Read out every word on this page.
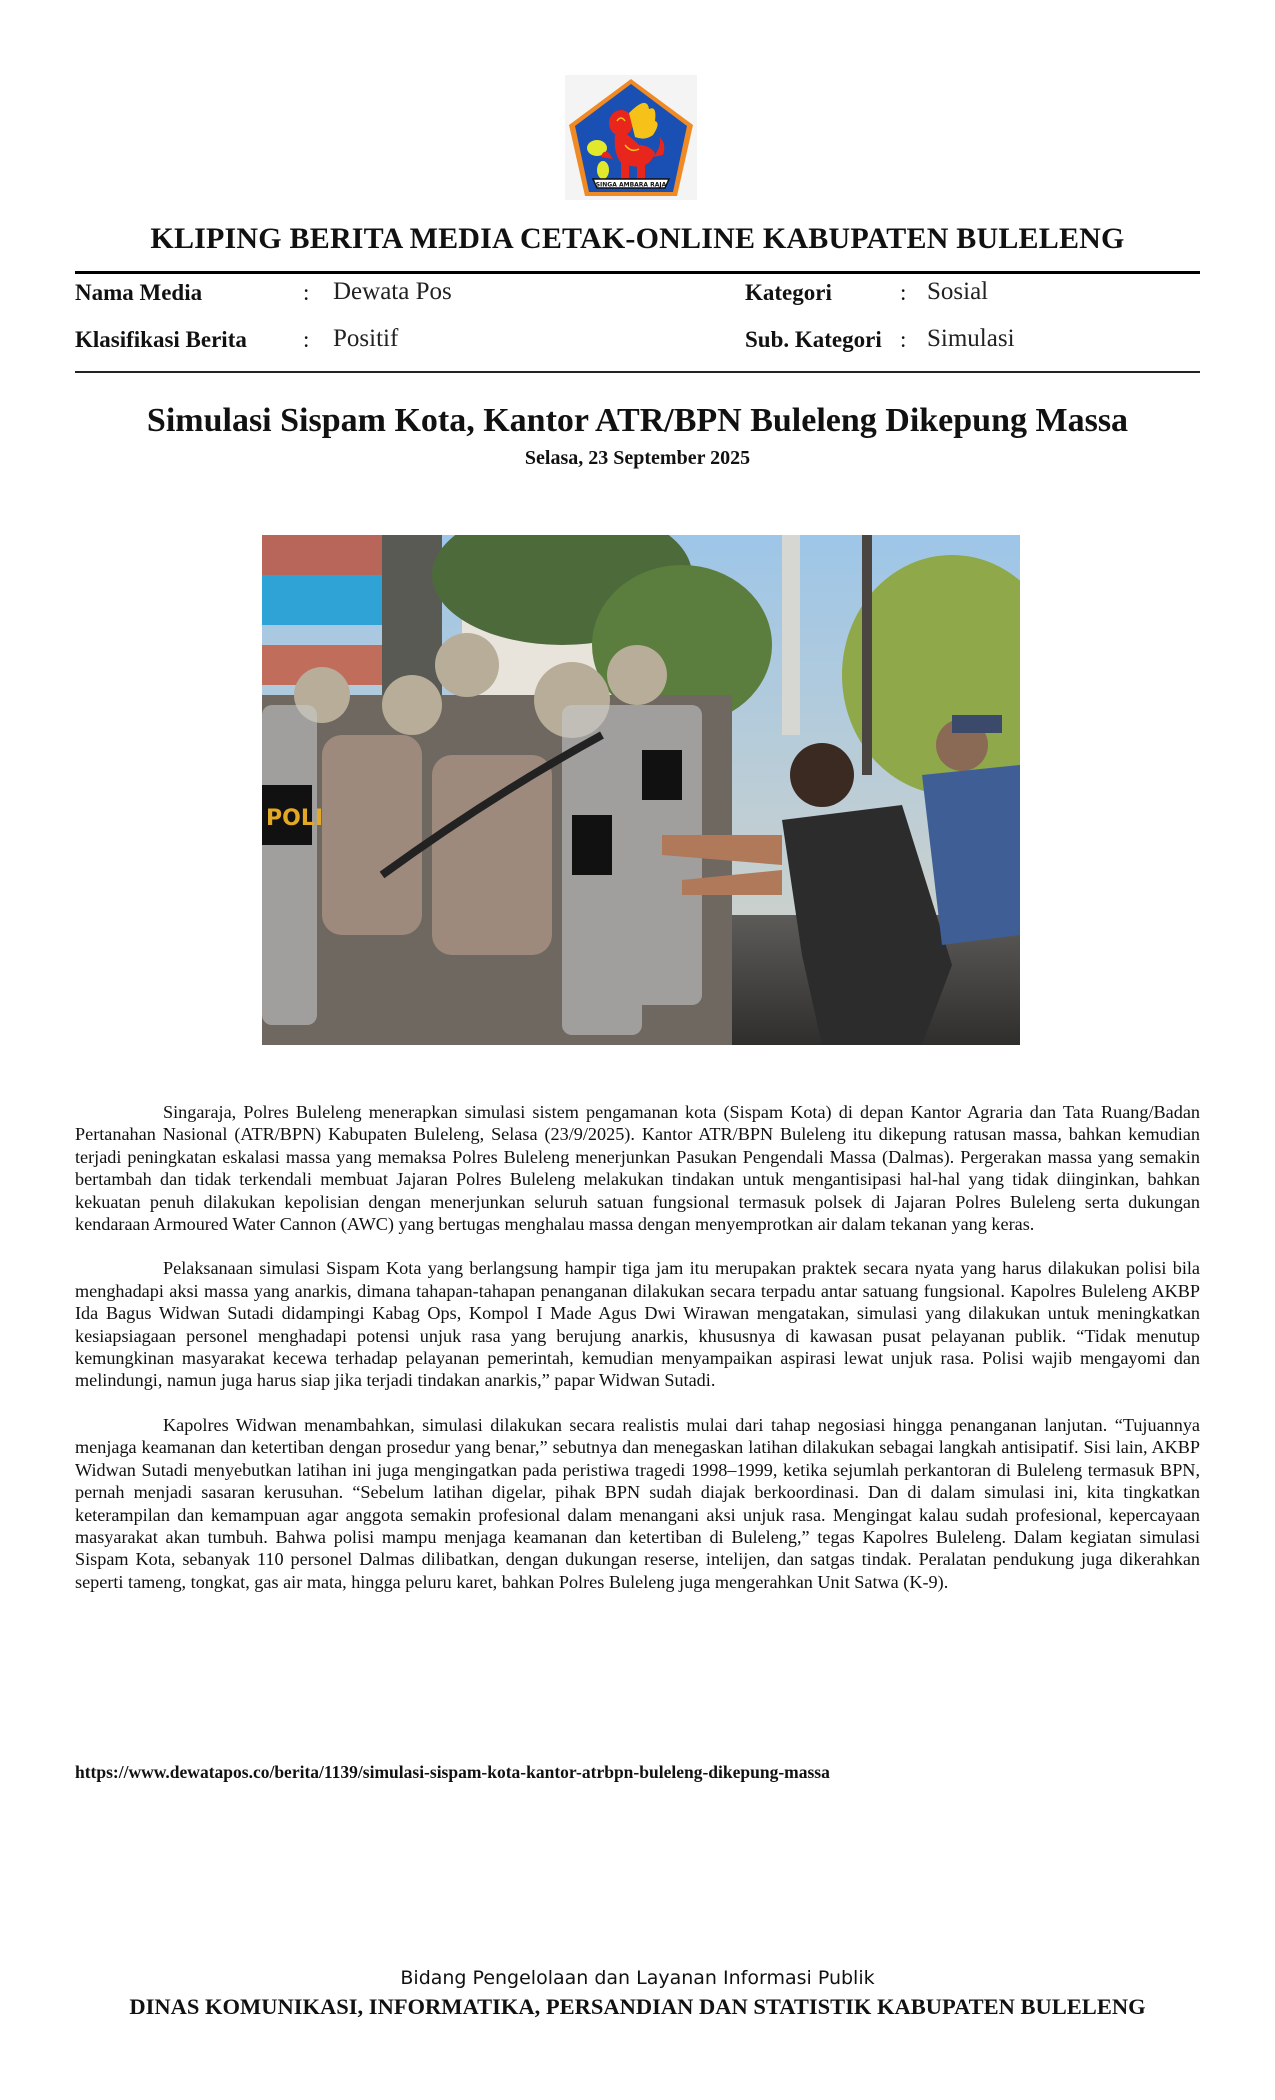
SINGA AMBARA RAJA
KLIPING BERITA MEDIA CETAK-ONLINE KABUPATEN BULELENG
Nama Media	: Dewata Pos
Klasifikasi Berita : Positif
Kategori	: Sosial
Sub. Kategori : Simulasi
Simulasi Sispam Kota, Kantor ATR/BPN Buleleng Dikepung Massa
Selasa, 23 September 2025
POLI

Singaraja, Polres Buleleng menerapkan simulasi sistem pengamanan kota (Sispam Kota) di depan Kantor Agraria dan Tata Ruang/Badan Pertanahan Nasional (ATR/BPN) Kabupaten Buleleng, Selasa (23/9/2025). Kantor ATR/BPN Buleleng itu dikepung ratusan massa, bahkan kemudian terjadi peningkatan eskalasi massa yang memaksa Polres Buleleng menerjunkan Pasukan Pengendali Massa (Dalmas). Pergerakan massa yang semakin bertambah dan tidak terkendali membuat Jajaran Polres Buleleng melakukan tindakan untuk mengantisipasi hal-hal yang tidak diinginkan, bahkan kekuatan penuh dilakukan kepolisian dengan menerjunkan seluruh satuan fungsional termasuk polsek di Jajaran Polres Buleleng serta dukungan kendaraan Armoured Water Cannon (AWC) yang bertugas menghalau massa dengan menyemprotkan air dalam tekanan yang keras.

Pelaksanaan simulasi Sispam Kota yang berlangsung hampir tiga jam itu merupakan praktek secara nyata yang harus dilakukan polisi bila menghadapi aksi massa yang anarkis, dimana tahapan-tahapan penanganan dilakukan secara terpadu antar satuang fungsional. Kapolres Buleleng AKBP Ida Bagus Widwan Sutadi didampingi Kabag Ops, Kompol I Made Agus Dwi Wirawan mengatakan, simulasi yang dilakukan untuk meningkatkan kesiapsiagaan personel menghadapi potensi unjuk rasa yang berujung anarkis, khususnya di kawasan pusat pelayanan publik. “Tidak menutup kemungkinan masyarakat kecewa terhadap pelayanan pemerintah, kemudian menyampaikan aspirasi lewat unjuk rasa. Polisi wajib mengayomi dan melindungi, namun juga harus siap jika terjadi tindakan anarkis,” papar Widwan Sutadi.

Kapolres Widwan menambahkan, simulasi dilakukan secara realistis mulai dari tahap negosiasi hingga penanganan lanjutan. “Tujuannya menjaga keamanan dan ketertiban dengan prosedur yang benar,” sebutnya dan menegaskan latihan dilakukan sebagai langkah antisipatif. Sisi lain, AKBP Widwan Sutadi menyebutkan latihan ini juga mengingatkan pada peristiwa tragedi 1998–1999, ketika sejumlah perkantoran di Buleleng termasuk BPN, pernah menjadi sasaran kerusuhan. “Sebelum latihan digelar, pihak BPN sudah diajak berkoordinasi. Dan di dalam simulasi ini, kita tingkatkan keterampilan dan kemampuan agar anggota semakin profesional dalam menangani aksi unjuk rasa. Mengingat kalau sudah profesional, kepercayaan masyarakat akan tumbuh. Bahwa polisi mampu menjaga keamanan dan ketertiban di Buleleng,” tegas Kapolres Buleleng. Dalam kegiatan simulasi Sispam Kota, sebanyak 110 personel Dalmas dilibatkan, dengan dukungan reserse, intelijen, dan satgas tindak. Peralatan pendukung juga dikerahkan seperti tameng, tongkat, gas air mata, hingga peluru karet, bahkan Polres Buleleng juga mengerahkan Unit Satwa (K-9).

https://www.dewatapos.co/berita/1139/simulasi-sispam-kota-kantor-atrbpn-buleleng-dikepung-massa
Bidang Pengelolaan dan Layanan Informasi Publik
DINAS KOMUNIKASI, INFORMATIKA, PERSANDIAN DAN STATISTIK KABUPATEN BULELENG
